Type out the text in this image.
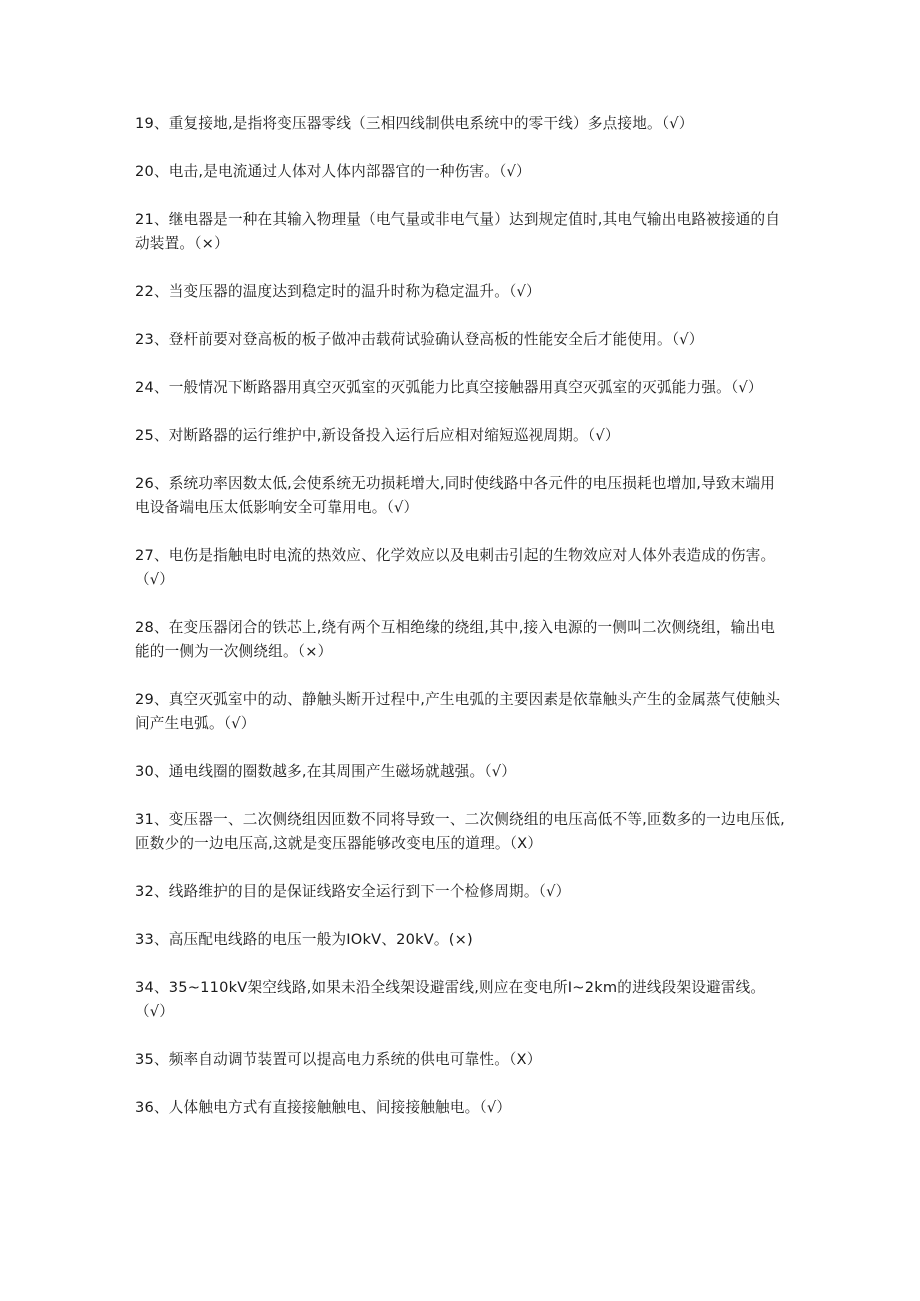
19、重复接地,是指将变压器零线（三相四线制供电系统中的零干线）多点接地。（√）
20、电击,是电流通过人体对人体内部器官的一种伤害。（√）
21、继电器是一种在其输入物理量（电气量或非电气量）达到规定值时,其电气输出电路被接通的自动装置。（×）
22、当变压器的温度达到稳定时的温升时称为稳定温升。（√）
23、登杆前要对登高板的板子做冲击载荷试验确认登高板的性能安全后才能使用。（√）
24、一般情况下断路器用真空灭弧室的灭弧能力比真空接触器用真空灭弧室的灭弧能力强。（√）
25、对断路器的运行维护中,新设备投入运行后应相对缩短巡视周期。（√）
26、系统功率因数太低,会使系统无功损耗增大,同时使线路中各元件的电压损耗也增加,导致末端用电设备端电压太低影响安全可靠用电。（√）
27、电伤是指触电时电流的热效应、化学效应以及电刺击引起的生物效应对人体外表造成的伤害。（√）
28、在变压器闭合的铁芯上,绕有两个互相绝缘的绕组,其中,接入电源的一侧叫二次侧绕组，输出电能的一侧为一次侧绕组。（×）
29、真空灭弧室中的动、静触头断开过程中,产生电弧的主要因素是依靠触头产生的金属蒸气使触头间产生电弧。（√）
30、通电线圈的圈数越多,在其周围产生磁场就越强。（√）
31、变压器一、二次侧绕组因匝数不同将导致一、二次侧绕组的电压高低不等,匝数多的一边电压低,匝数少的一边电压高,这就是变压器能够改变电压的道理。（X）
32、线路维护的目的是保证线路安全运行到下一个检修周期。（√）
33、高压配电线路的电压一般为IOkV、20kV。(×)
34、35~110kV架空线路,如果未沿全线架设避雷线,则应在变电所I~2km的进线段架设避雷线。（√）
35、频率自动调节装置可以提高电力系统的供电可靠性。（X）
36、人体触电方式有直接接触触电、间接接触触电。（√）
